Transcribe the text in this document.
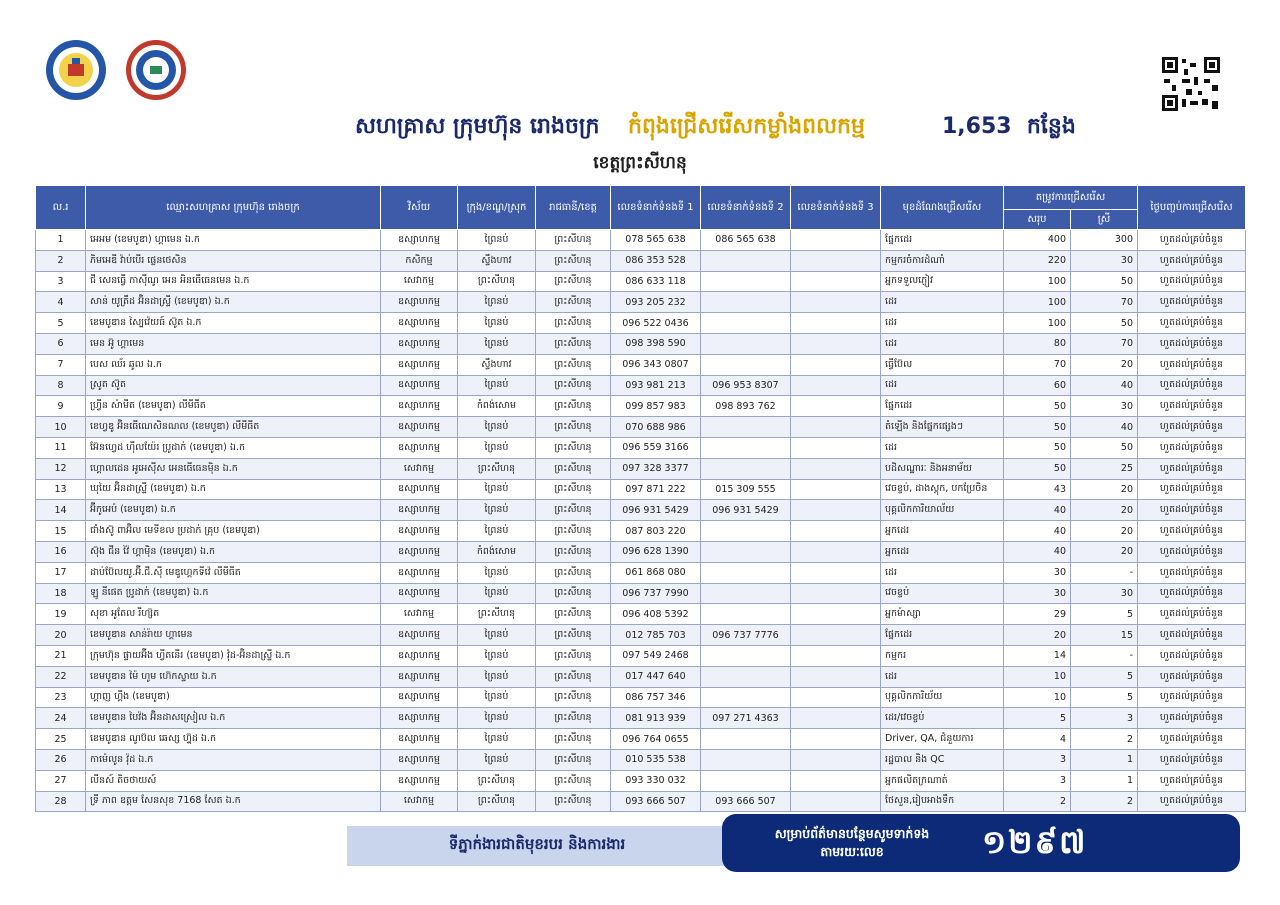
សហគ្រាស ក្រុមហ៊ុន រោងចក្រ កំពុងជ្រើសរើសកម្លាំងពលកម្ម	1,653 កន្លែង
ខេត្តព្រះសីហនុ
ល.រ	ឈ្មោះសហគ្រាស ក្រុមហ៊ុន រោងចក្រ	វិស័យ	ក្រុង/ខណ្ឌ/ស្រុក	រាជធានី/ខេត្ត	លេខទំនាក់ទំនងទី 1	លេខទំនាក់ទំនងទី 2	លេខទំនាក់ទំនងទី 3	មុខដំណែងជ្រើសរើស	តម្រូវការជ្រើសរើស		ថ្ងៃបញ្ចប់ការជ្រើសរើស
									សរុប	ស្រី	
1	អេអម (ខេមបូឌា) ហ្គាមេន ឯ.ក	ឧស្សាហកម្ម	ព្រៃនប់	ព្រះសីហនុ	078 565 638	086 565 638		ផ្នែកដេរ	400	300	ហួតដល់គ្រប់ចំនួន
2	ភិមអេឌី វ៉ាប់បើរ ផ្លេនថេសិន	កសិកម្ម	ស្ទឹងហាវ	ព្រះសីហនុ	086 353 528			កម្មករចំការដំណាំ	220	30	ហួតដល់គ្រប់ចំនួន
3	ជី សេនធ្វើ កាស៊ីណូ អេន អិនធើធេនមេន ឯ.ក	សេវាកម្ម	ព្រះសីហនុ	ព្រះសីហនុ	086 633 118			អ្នកទទួលភ្ញៀវ	100	50	ហួតដល់គ្រប់ចំនួន
4	សាន់ យូត្រឹដ អ៊ិនដាស្ទ្រី (ខេមបូឌា) ឯ.ក	ឧស្សាហកម្ម	ព្រៃនប់	ព្រះសីហនុ	093 205 232			ដេរ	100	70	ហួតដល់គ្រប់ចំនួន
5	ខេមបូឌាន ស្បៃវ៉េយធ៍ ស៊ូត ឯ.ក	ឧស្សាហកម្ម	ព្រៃនប់	ព្រះសីហនុ	096 522 0436			ដេរ	100	50	ហួតដល់គ្រប់ចំនួន
6	មេន អ៊ូ ហ្គាមេន	ឧស្សាហកម្ម	ព្រៃនប់	ព្រះសីហនុ	098 398 590			ដេរ	80	70	ហួតដល់គ្រប់ចំនួន
7	បេស ឈ័រ ឆូល ឯ.ក	ឧស្សាហកម្ម	ស្ទឹងហាវ	ព្រះសីហនុ	096 343 0807			ធ្វើប៊ែល	70	20	ហួតដល់គ្រប់ចំនួន
8	ស្រូត ស៊ូត	ឧស្សាហកម្ម	ព្រៃនប់	ព្រះសីហនុ	093 981 213	096 953 8307		ដេរ	60	40	ហួតដល់គ្រប់ចំនួន
9	ហ្វ្រីន ស៉ាមីត (ខេមបូឌា) លីមីធីត	ឧស្សាហកម្ម	កំពង់សោម	ព្រះសីហនុ	099 857 983	098 893 762		ផ្នែកដេរ	50	30	ហួតដល់គ្រប់ចំនួន
10	ខេហ្វឌូ អ៊ិនធើណេសិនណល (ខេមបូឌា) លីមីធីត	ឧស្សាហកម្ម	ព្រៃនប់	ព្រះសីហនុ	070 688 986			តំឡើង និងផ្នែកផ្សេងៗ	50	40	ហួតដល់គ្រប់ចំនួន
11	អ៊ែនហ្វេដ ហ៊ីលយ៉ែរ ប្រូដាក់ (ខេមបូឌា) ឯ.ក	ឧស្សាហកម្ម	ព្រៃនប់	ព្រះសីហនុ	096 559 3166			ដេរ	50	50	ហួតដល់គ្រប់ចំនួន
12	ហ្គោលដេន អូអេស៊ីស អេនធើធេនម៉ិន ឯ.ក	សេវាកម្ម	ព្រះសីហនុ	ព្រះសីហនុ	097 328 3377			បដិសណ្ឋារៈ និងអនាម័យ	50	25	ហួតដល់គ្រប់ចំនួន
13	ឃុយៃ អ៊ិនដាស្ទ្រី (ខេមបូឌា) ឯ.ក	ឧស្សាហកម្ម	ព្រៃនប់	ព្រះសីហនុ	097 871 222	015 309 555		វេចខ្ចប់, ដាងស្តុក, បកប្រែចិន	43	20	ហួតដល់គ្រប់ចំនួន
14	អ៊ីកូអេប៉ (ខេមបូឌា) ឯ.ក	ឧស្សាហកម្ម	ព្រៃនប់	ព្រះសីហនុ	096 931 5429	096 931 5429		បុគ្គលិកការិយាល័យ	40	20	ហួតដល់គ្រប់ចំនួន
15	ជាំងស៊ូ ពាអ៊ិល មេទីខល ប្រដាក់ គ្រុប (ខេមបូឌា)	ឧស្សាហកម្ម	ព្រៃនប់	ព្រះសីហនុ	087 803 220			អ្នកដេរ	40	20	ហួតដល់គ្រប់ចំនួន
16	ស៊ុង ជីន វ៉ៃ ហ្គាម៉ិន (ខេមបូឌា) ឯ.ក	ឧស្សាហកម្ម	កំពង់សោម	ព្រះសីហនុ	096 628 1390			អ្នកដេរ	40	20	ហួតដល់គ្រប់ចំនួន
17	ដាប់ប៊ែលយូ.អ៊ី.ជី.ស៊ី មេឌូហ្គេកទីវ៉េ លីមីធីត	ឧស្សាហកម្ម	ព្រៃនប់	ព្រះសីហនុ	061 868 080			ដេរ	30	-	ហួតដល់គ្រប់ចំនួន
18	ឡូ នីផេត ប្រូដាក់ (ខេមបូឌា) ឯ.ក	ឧស្សាហកម្ម	ព្រៃនប់	ព្រះសីហនុ	096 737 7990			វេចខ្ចប់	30	30	ហួតដល់គ្រប់ចំនួន
19	សុខា អូតែល រីហ្ស៊ត	សេវាកម្ម	ព្រះសីហនុ	ព្រះសីហនុ	096 408 5392			អ្នកម៉ាស្សា	29	5	ហួតដល់គ្រប់ចំនួន
20	ខេមបូឌាន សាន់រ៉ាយ ហ្គាមេន	ឧស្សាហកម្ម	ព្រៃនប់	ព្រះសីហនុ	012 785 703	096 737 7776		ផ្នែកដេរ	20	15	ហួតដល់គ្រប់ចំនួន
21	ក្រុមហ៊ុន ផ្ទាយអ៊ីង ហ្វីតនើរ (ខេមបូឌា) វ៉ុដ-អ៊ិនដាស្ទ្រី ឯ.ក	ឧស្សាហកម្ម	ព្រៃនប់	ព្រះសីហនុ	097 549 2468			កម្មករ	14	-	ហួតដល់គ្រប់ចំនួន
22	ខេមបូឌាន ម៉ៃ ហូម ហ៊េកស្ទាយ ឯ.ក	ឧស្សាហកម្ម	ព្រៃនប់	ព្រះសីហនុ	017 447 640			ដេរ	10	5	ហួតដល់គ្រប់ចំនួន
23	ហ្គាញ ហ្គីង (ខេមបូឌា)	ឧស្សាហកម្ម	ព្រៃនប់	ព្រះសីហនុ	086 757 346			បុគ្គលិកការិយ័យ	10	5	ហួតដល់គ្រប់ចំនួន
24	ខេមបូឌាន បៃវ៉ង អ៊ិនដាសស្រៀល ឯ.ក	ឧស្សាហកម្ម	ព្រៃនប់	ព្រះសីហនុ	081 913 939	097 271 4363		ដេរ/វេចខ្ចប់	5	3	ហួតដល់គ្រប់ចំនួន
25	ខេមបូឌាន ណូប៊ល ឆេស្ស ហ្វ៊ុដ ឯ.ក	ឧស្សាហកម្ម	ព្រៃនប់	ព្រះសីហនុ	096 764 0655			Driver, QA, ជំនួយការ	4	2	ហួតដល់គ្រប់ចំនួន
26	កាម៉េលូន វ៉ុដ ឯ.ក	ឧស្សាហកម្ម	ព្រៃនប់	ព្រះសីហនុ	010 535 538			រដ្ឋបាល និង QC	3	1	ហួតដល់គ្រប់ចំនួន
27	លីនស៍ តិចថាយស៍	ឧស្សាហកម្ម	ព្រះសីហនុ	ព្រះសីហនុ	093 330 032			អ្នកផលិតក្រណាត់	3	1	ហួតដល់គ្រប់ចំនួន
28	ទ្រី ភាព ឧត្តម សែនសុខ 7168 សែត ឯ.ក	សេវាកម្ម	ព្រះសីហនុ	ព្រះសីហនុ	093 666 507	093 666 507		ថែសួន,រៀបអាងទឹក	2	2	ហួតដល់គ្រប់ចំនួន
ទីភ្នាក់ងារជាតិមុខរបរ និងការងារ
សម្រាប់ព័ត៌មានបន្ថែមសូមទាក់ទងតាមរយៈលេខ	១២៩៧
